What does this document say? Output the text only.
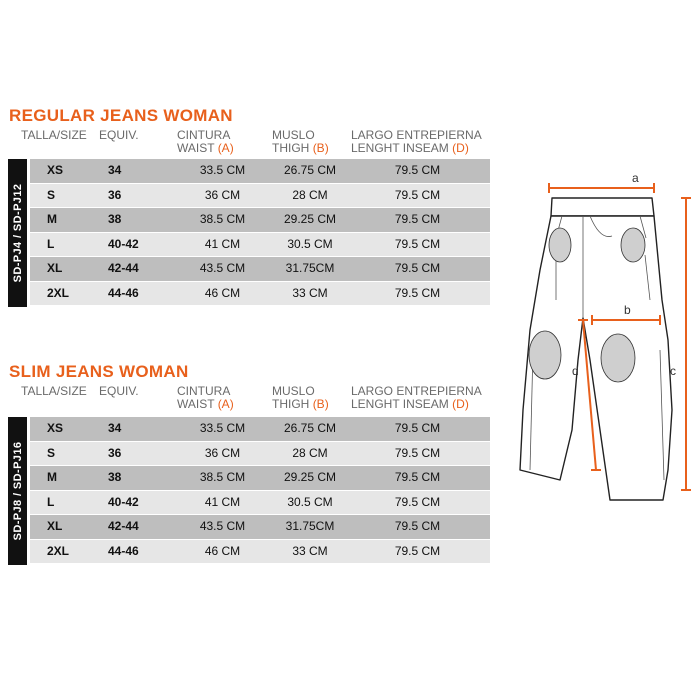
REGULAR JEANS WOMAN
TALLA/SIZE EQUIV.	CINTURA
WAIST (A)
MUSLO
THIGH (B)
LARGO ENTREPIERNA
LENGHT INSEAM (D)
SD-PJ4 / SD-PJ12
XS	34	33.5 CM	26.75 CM	79.5 CM
S	36	36 CM	28 CM	79.5 CM
M	38	38.5 CM	29.25 CM	79.5 CM
L	40-42	41 CM	30.5 CM	79.5 CM
XL	42-44	43.5 CM	31.75CM	79.5 CM
2XL	44-46	46 CM	33 CM	79.5 CM
SLIM JEANS WOMAN
TALLA/SIZE EQUIV.	CINTURA
WAIST (A)
MUSLO
THIGH (B)
LARGO ENTREPIERNA
LENGHT INSEAM (D)
SD-PJ8 / SD-PJ16
XS	34	33.5 CM	26.75 CM	79.5 CM
S	36	36 CM	28 CM	79.5 CM
M	38	38.5 CM	29.25 CM	79.5 CM
L	40-42	41 CM	30.5 CM	79.5 CM
XL	42-44	43.5 CM	31.75CM	79.5 CM
2XL	44-46	46 CM	33 CM	79.5 CM
a
b
c
d
